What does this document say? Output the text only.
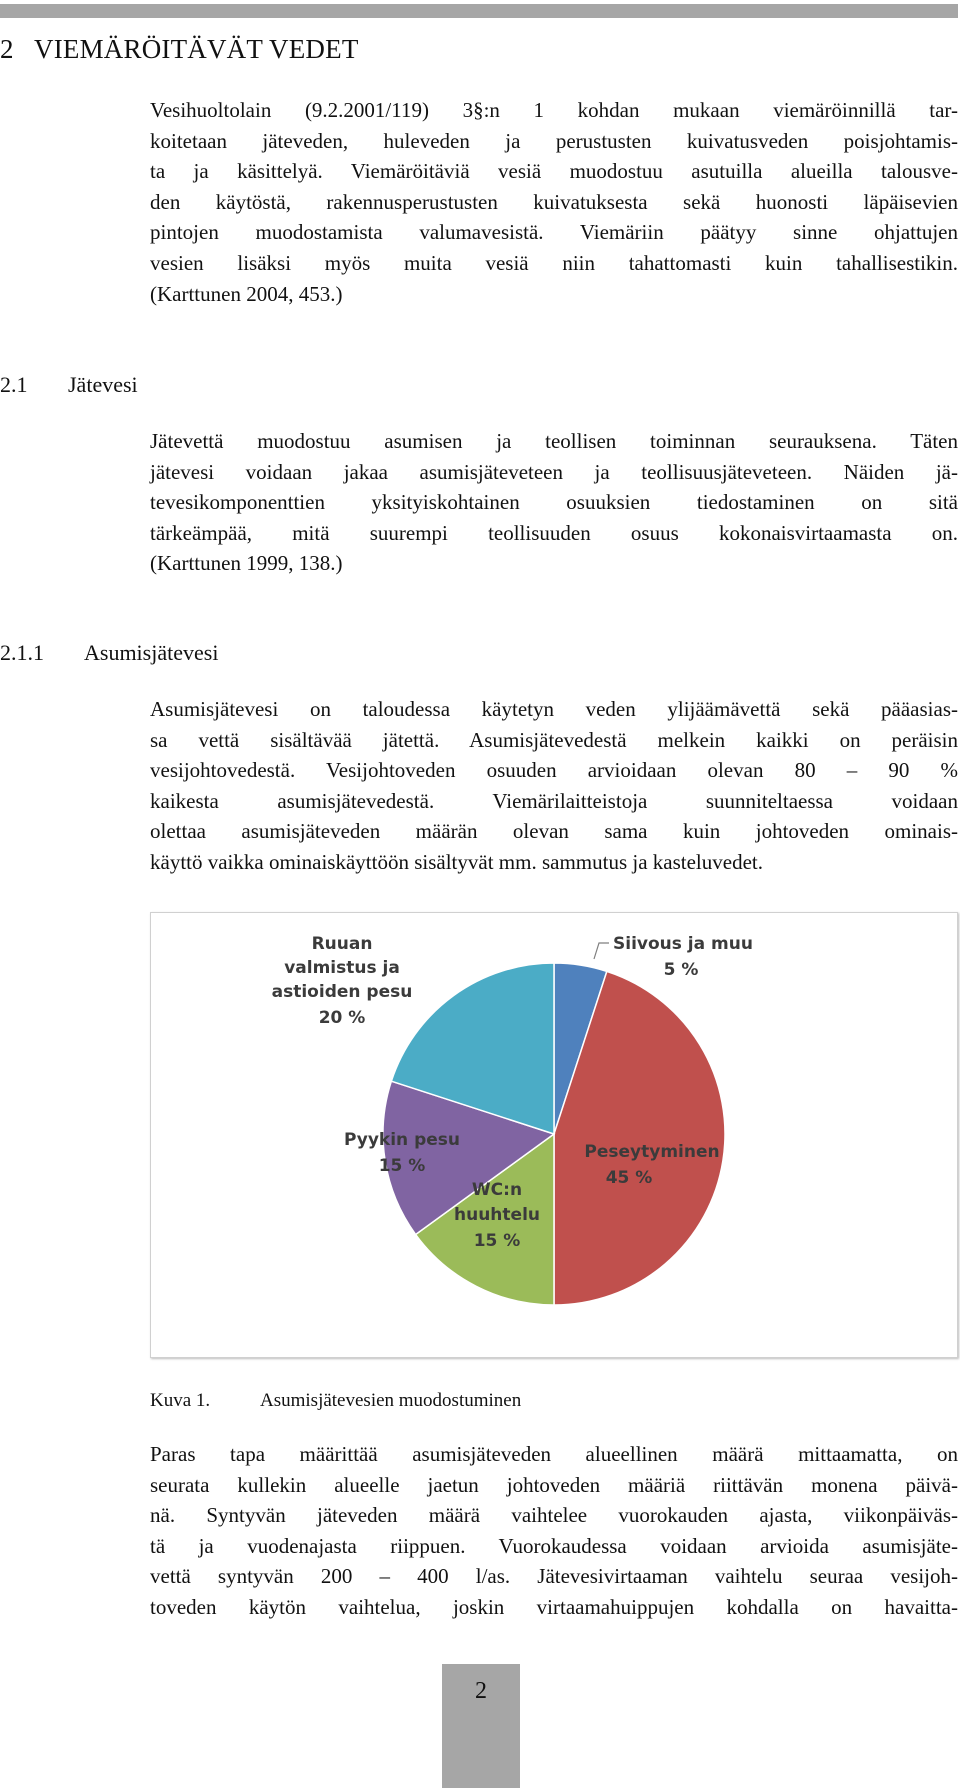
2 VIEMÄRÖITÄVÄT VEDET

Vesihuoltolain (9.2.2001/119) 3§:n 1 kohdan mukaan viemäröinnillä tar-
koitetaan jäteveden, huleveden ja perustusten kuivatusveden poisjohtamis-
ta ja käsittelyä. Viemäröitäviä vesiä muodostuu asutuilla alueilla talousve-
den käytöstä, rakennusperustusten kuivatuksesta sekä huonosti läpäisevien
pintojen muodostamista valumavesistä. Viemäriin päätyy sinne ohjattujen
vesien lisäksi myös muita vesiä niin tahattomasti kuin tahallisestikin.
(Karttunen 2004, 453.)

2.1 Jätevesi

Jätevettä muodostuu asumisen ja teollisen toiminnan seurauksena. Täten
jätevesi voidaan jakaa asumisjäteveteen ja teollisuusjäteveteen. Näiden jä-
tevesikomponenttien yksityiskohtainen osuuksien tiedostaminen on sitä
tärkeämpää, mitä suurempi teollisuuden osuus kokonaisvirtaamasta on.
(Karttunen 1999, 138.)

2.1.1 Asumisjätevesi

Asumisjätevesi on taloudessa käytetyn veden ylijäämävettä sekä pääasias-
sa vettä sisältävää jätettä. Asumisjätevedestä melkein kaikki on peräisin
vesijohtovedestä. Vesijohtoveden osuuden arvioidaan olevan 80 – 90 %
kaikesta asumisjätevedestä. Viemärilaitteistoja suunniteltaessa voidaan
olettaa asumisjäteveden määrän olevan sama kuin johtoveden ominais-
käyttö vaikka ominaiskäyttöön sisältyvät mm. sammutus ja kasteluvedet.

Ruuan
valmistus ja
astioiden pesu
20 %
Siivous ja muu
5 %
Peseytyminen
45 %
WC:n
huuhtelu
15 %
Pyykin pesu
15 %
Kuva 1.	Asumisjätevesien muodostuminen

Paras tapa määrittää asumisjäteveden alueellinen määrä mittaamatta, on
seurata kullekin alueelle jaetun johtoveden määriä riittävän monena päivä-
nä. Syntyvän jäteveden määrä vaihtelee vuorokauden ajasta, viikonpäiväs-
tä ja vuodenajasta riippuen. Vuorokaudessa voidaan arvioida asumisjäte-
vettä syntyvän 200 – 400 l/as. Jätevesivirtaaman vaihtelu seuraa vesijoh-
toveden käytön vaihtelua, joskin virtaamahuippujen kohdalla on havaitta-

2
